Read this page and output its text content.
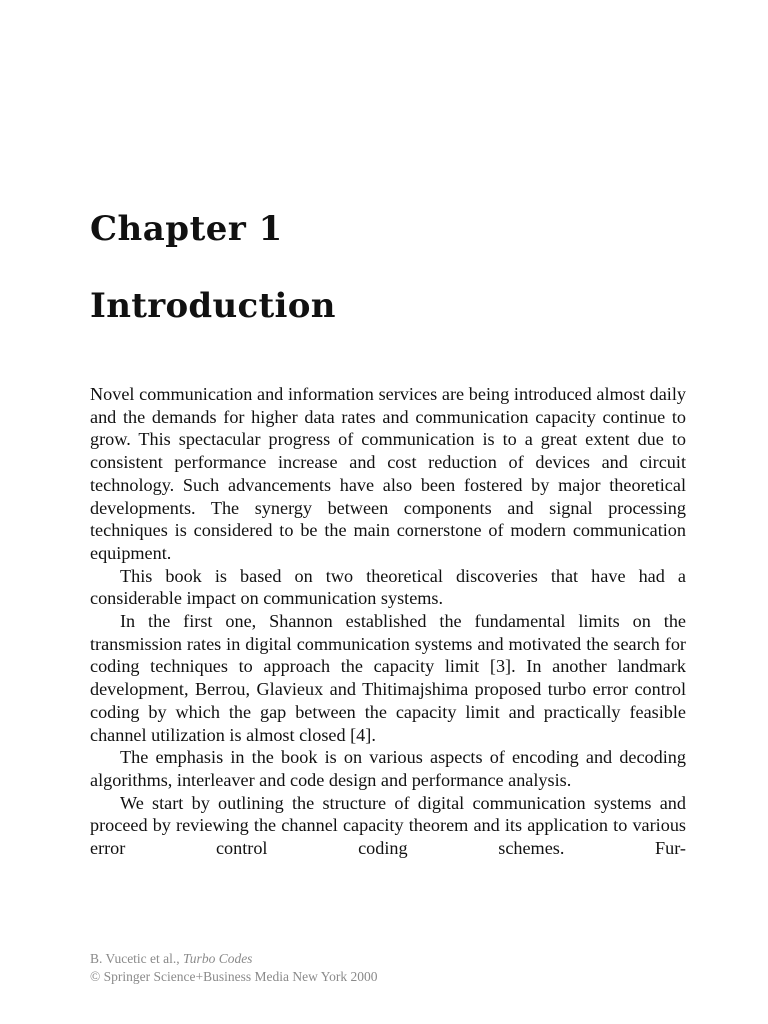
Chapter 1
Introduction

Novel communication and information services are being introduced almost daily and the demands for higher data rates and communication capacity continue to grow. This spectacular progress of communication is to a great extent due to consistent performance increase and cost reduction of devices and circuit technology. Such advancements have also been fostered by major theoretical developments. The synergy between components and signal processing techniques is considered to be the main cornerstone of modern communication equipment.

This book is based on two theoretical discoveries that have had a considerable impact on communication systems.

In the first one, Shannon established the fundamental limits on the transmission rates in digital communication systems and motivated the search for coding techniques to approach the capacity limit [3]. In another landmark development, Berrou, Glavieux and Thitimajshima proposed turbo error control coding by which the gap between the capacity limit and practically feasible channel utilization is almost closed [4].

The emphasis in the book is on various aspects of encoding and decoding algorithms, interleaver and code design and performance analysis.

We start by outlining the structure of digital communication systems and proceed by reviewing the channel capacity theorem and its application to various error control coding schemes. Fur-

B. Vucetic et al., Turbo Codes
© Springer Science+Business Media New York 2000
